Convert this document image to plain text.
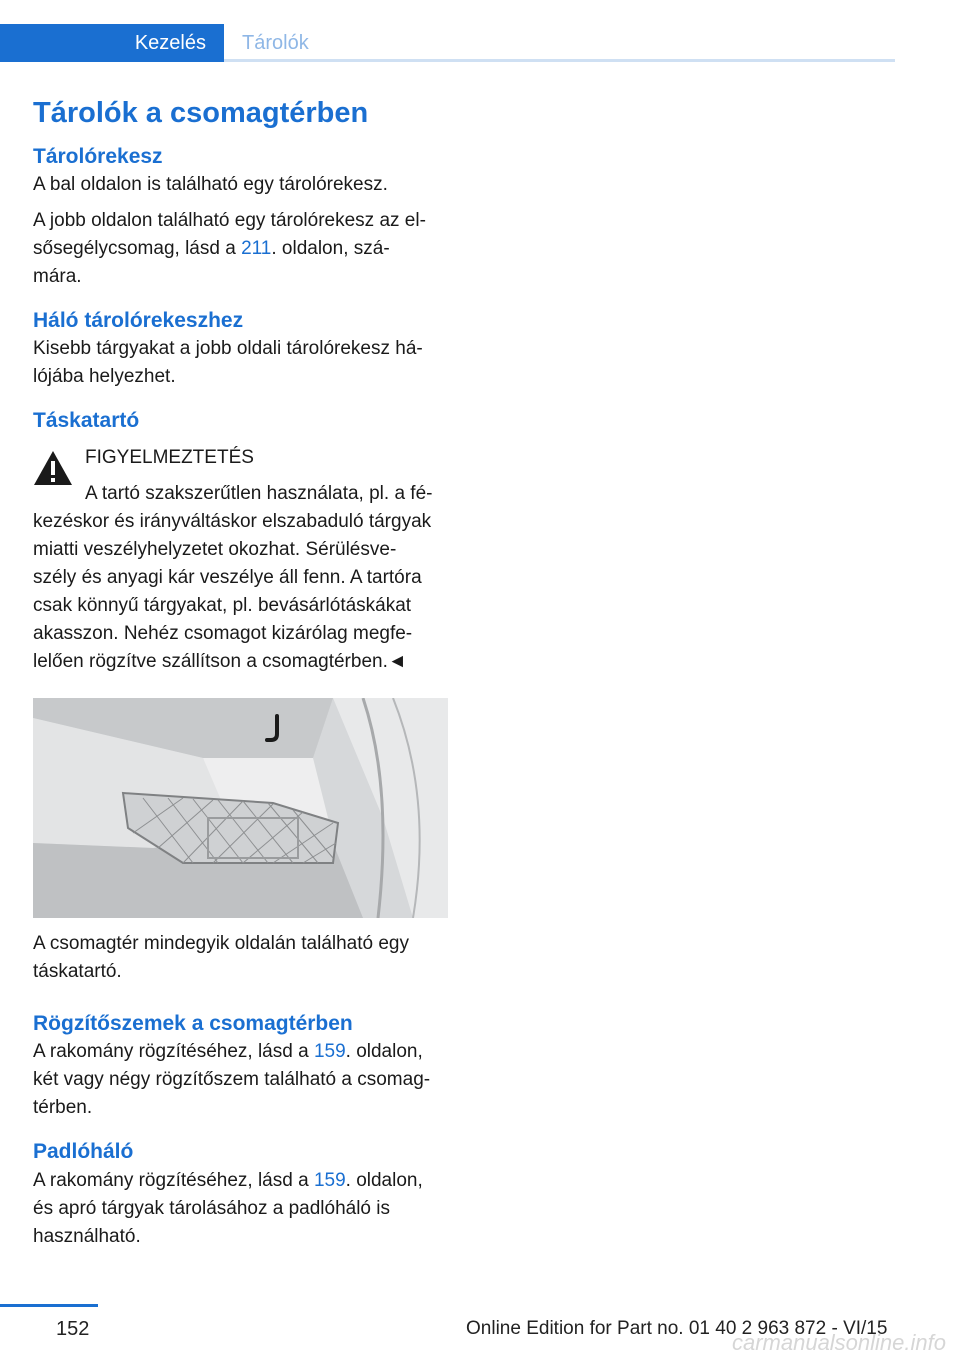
Kezelés Tárolók
Tárolók a csomagtérben
Tárolórekesz

A bal oldalon is található egy tárolórekesz.

A jobb oldalon található egy tárolórekesz az el-
sősegélycsomag, lásd a 211. oldalon, szá-
mára.

Háló tárolórekeszhez

Kisebb tárgyakat a jobb oldali tárolórekesz há-
lójába helyezhet.

Táskatartó

FIGYELMEZTETÉS

A tartó szakszerűtlen használata, pl. a fé-
kezéskor és irányváltáskor elszabaduló tárgyak
miatti veszélyhelyzetet okozhat. Sérülésve-
szély és anyagi kár veszélye áll fenn. A tartóra
csak könnyű tárgyakat, pl. bevásárlótáskákat
akasszon. Nehéz csomagot kizárólag megfe-
lelően rögzítve szállítson a csomagtérben.◄

A csomagtér mindegyik oldalán található egy
táskatartó.

Rögzítőszemek a csomagtérben

A rakomány rögzítéséhez, lásd a 159. oldalon,
két vagy négy rögzítőszem található a csomag-
térben.

Padlóháló

A rakomány rögzítéséhez, lásd a 159. oldalon,
és apró tárgyak tárolásához a padlóháló is
használható.

152	Online Edition for Part no. 01 40 2 963 872 - VI/15
carmanualsonline.info
